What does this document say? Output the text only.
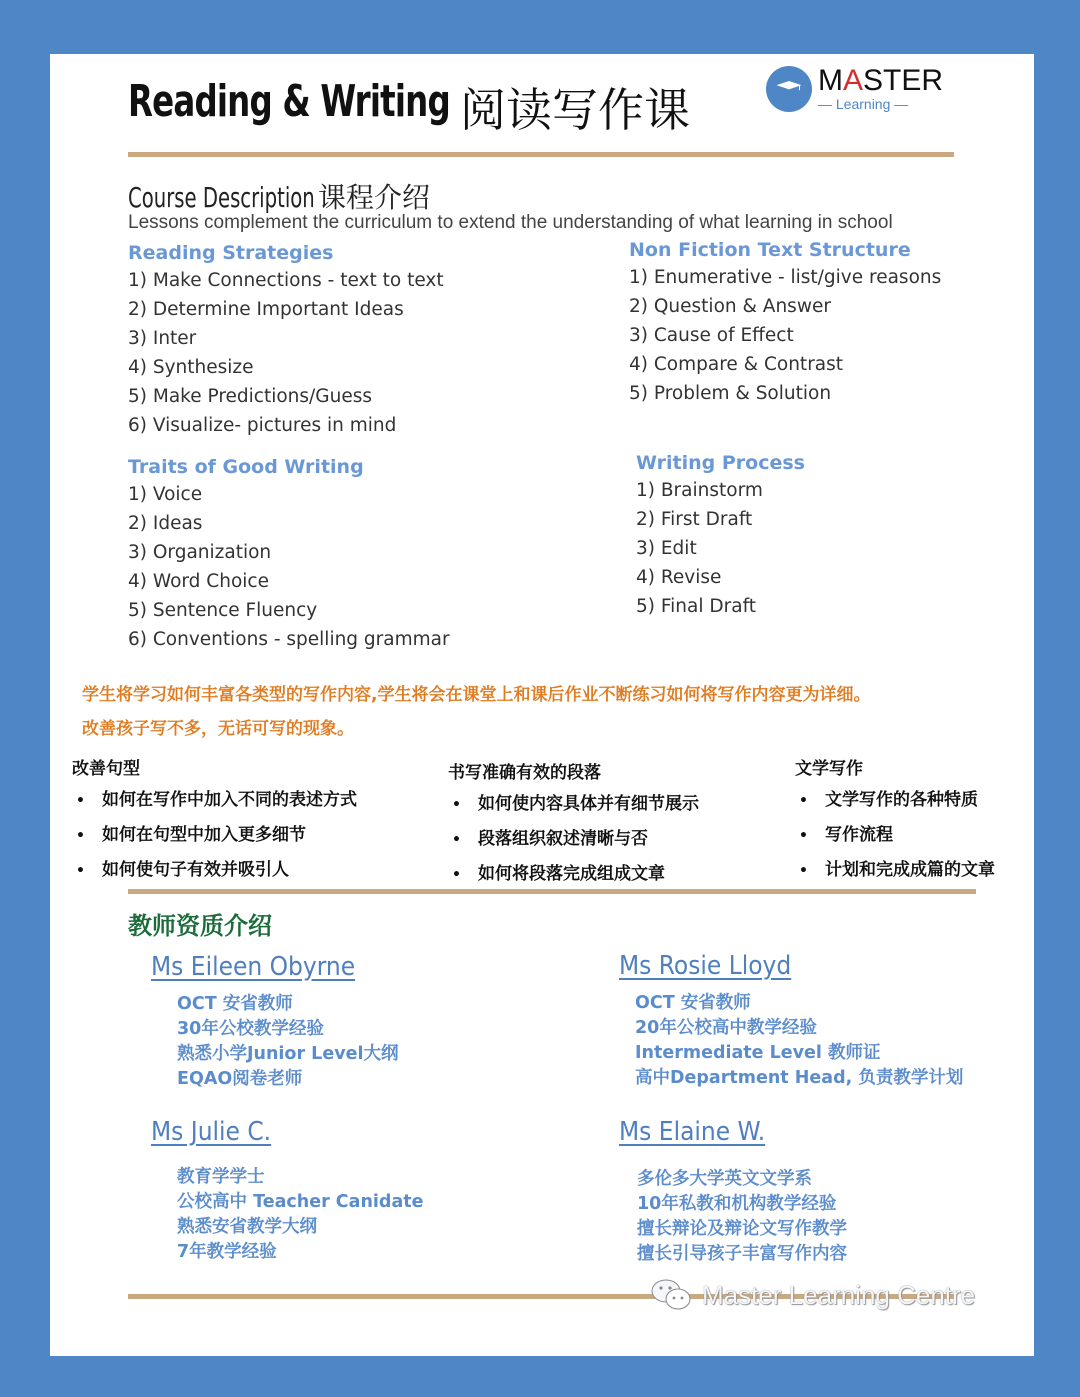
Reading & Writing 阅读写作课
MASTER
— Learning —
Course Description 课程介绍
Lessons complement the curriculum to extend the understanding of what learning in school
Reading Strategies
1) Make Connections - text to text
2) Determine Important Ideas
3) Inter
4) Synthesize
5) Make Predictions/Guess
6) Visualize- pictures in mind
Non Fiction Text Structure
1) Enumerative - list/give reasons
2) Question & Answer
3) Cause of Effect
4) Compare & Contrast
5) Problem & Solution
Traits of Good Writing
1) Voice
2) Ideas
3) Organization
4) Word Choice
5) Sentence Fluency
6) Conventions - spelling grammar
Writing Process
1) Brainstorm
2) First Draft
3) Edit
4) Revise
5) Final Draft
学生将学习如何丰富各类型的写作内容,学生将会在课堂上和课后作业不断练习如何将写作内容更为详细。
改善孩子写不多，无话可写的现象。
改善句型
• 如何在写作中加入不同的表述方式
• 如何在句型中加入更多细节
• 如何使句子有效并吸引人
书写准确有效的段落
• 如何使内容具体并有细节展示
• 段落组织叙述清晰与否
• 如何将段落完成组成文章
文学写作
• 文学写作的各种特质
• 写作流程
• 计划和完成成篇的文章
教师资质介绍
Ms Eileen Obyrne
OCT 安省教师
30年公校教学经验
熟悉小学Junior Level大纲
EQAO阅卷老师
Ms Rosie Lloyd
OCT 安省教师
20年公校高中教学经验
Intermediate Level 教师证
高中Department Head, 负责教学计划
Ms Julie C.
教育学学士
公校高中 Teacher Canidate
熟悉安省教学大纲
7年教学经验
Ms Elaine W.
多伦多大学英文文学系
10年私教和机构教学经验
擅长辩论及辩论文写作教学
擅长引导孩子丰富写作内容
Master Learning Centre
